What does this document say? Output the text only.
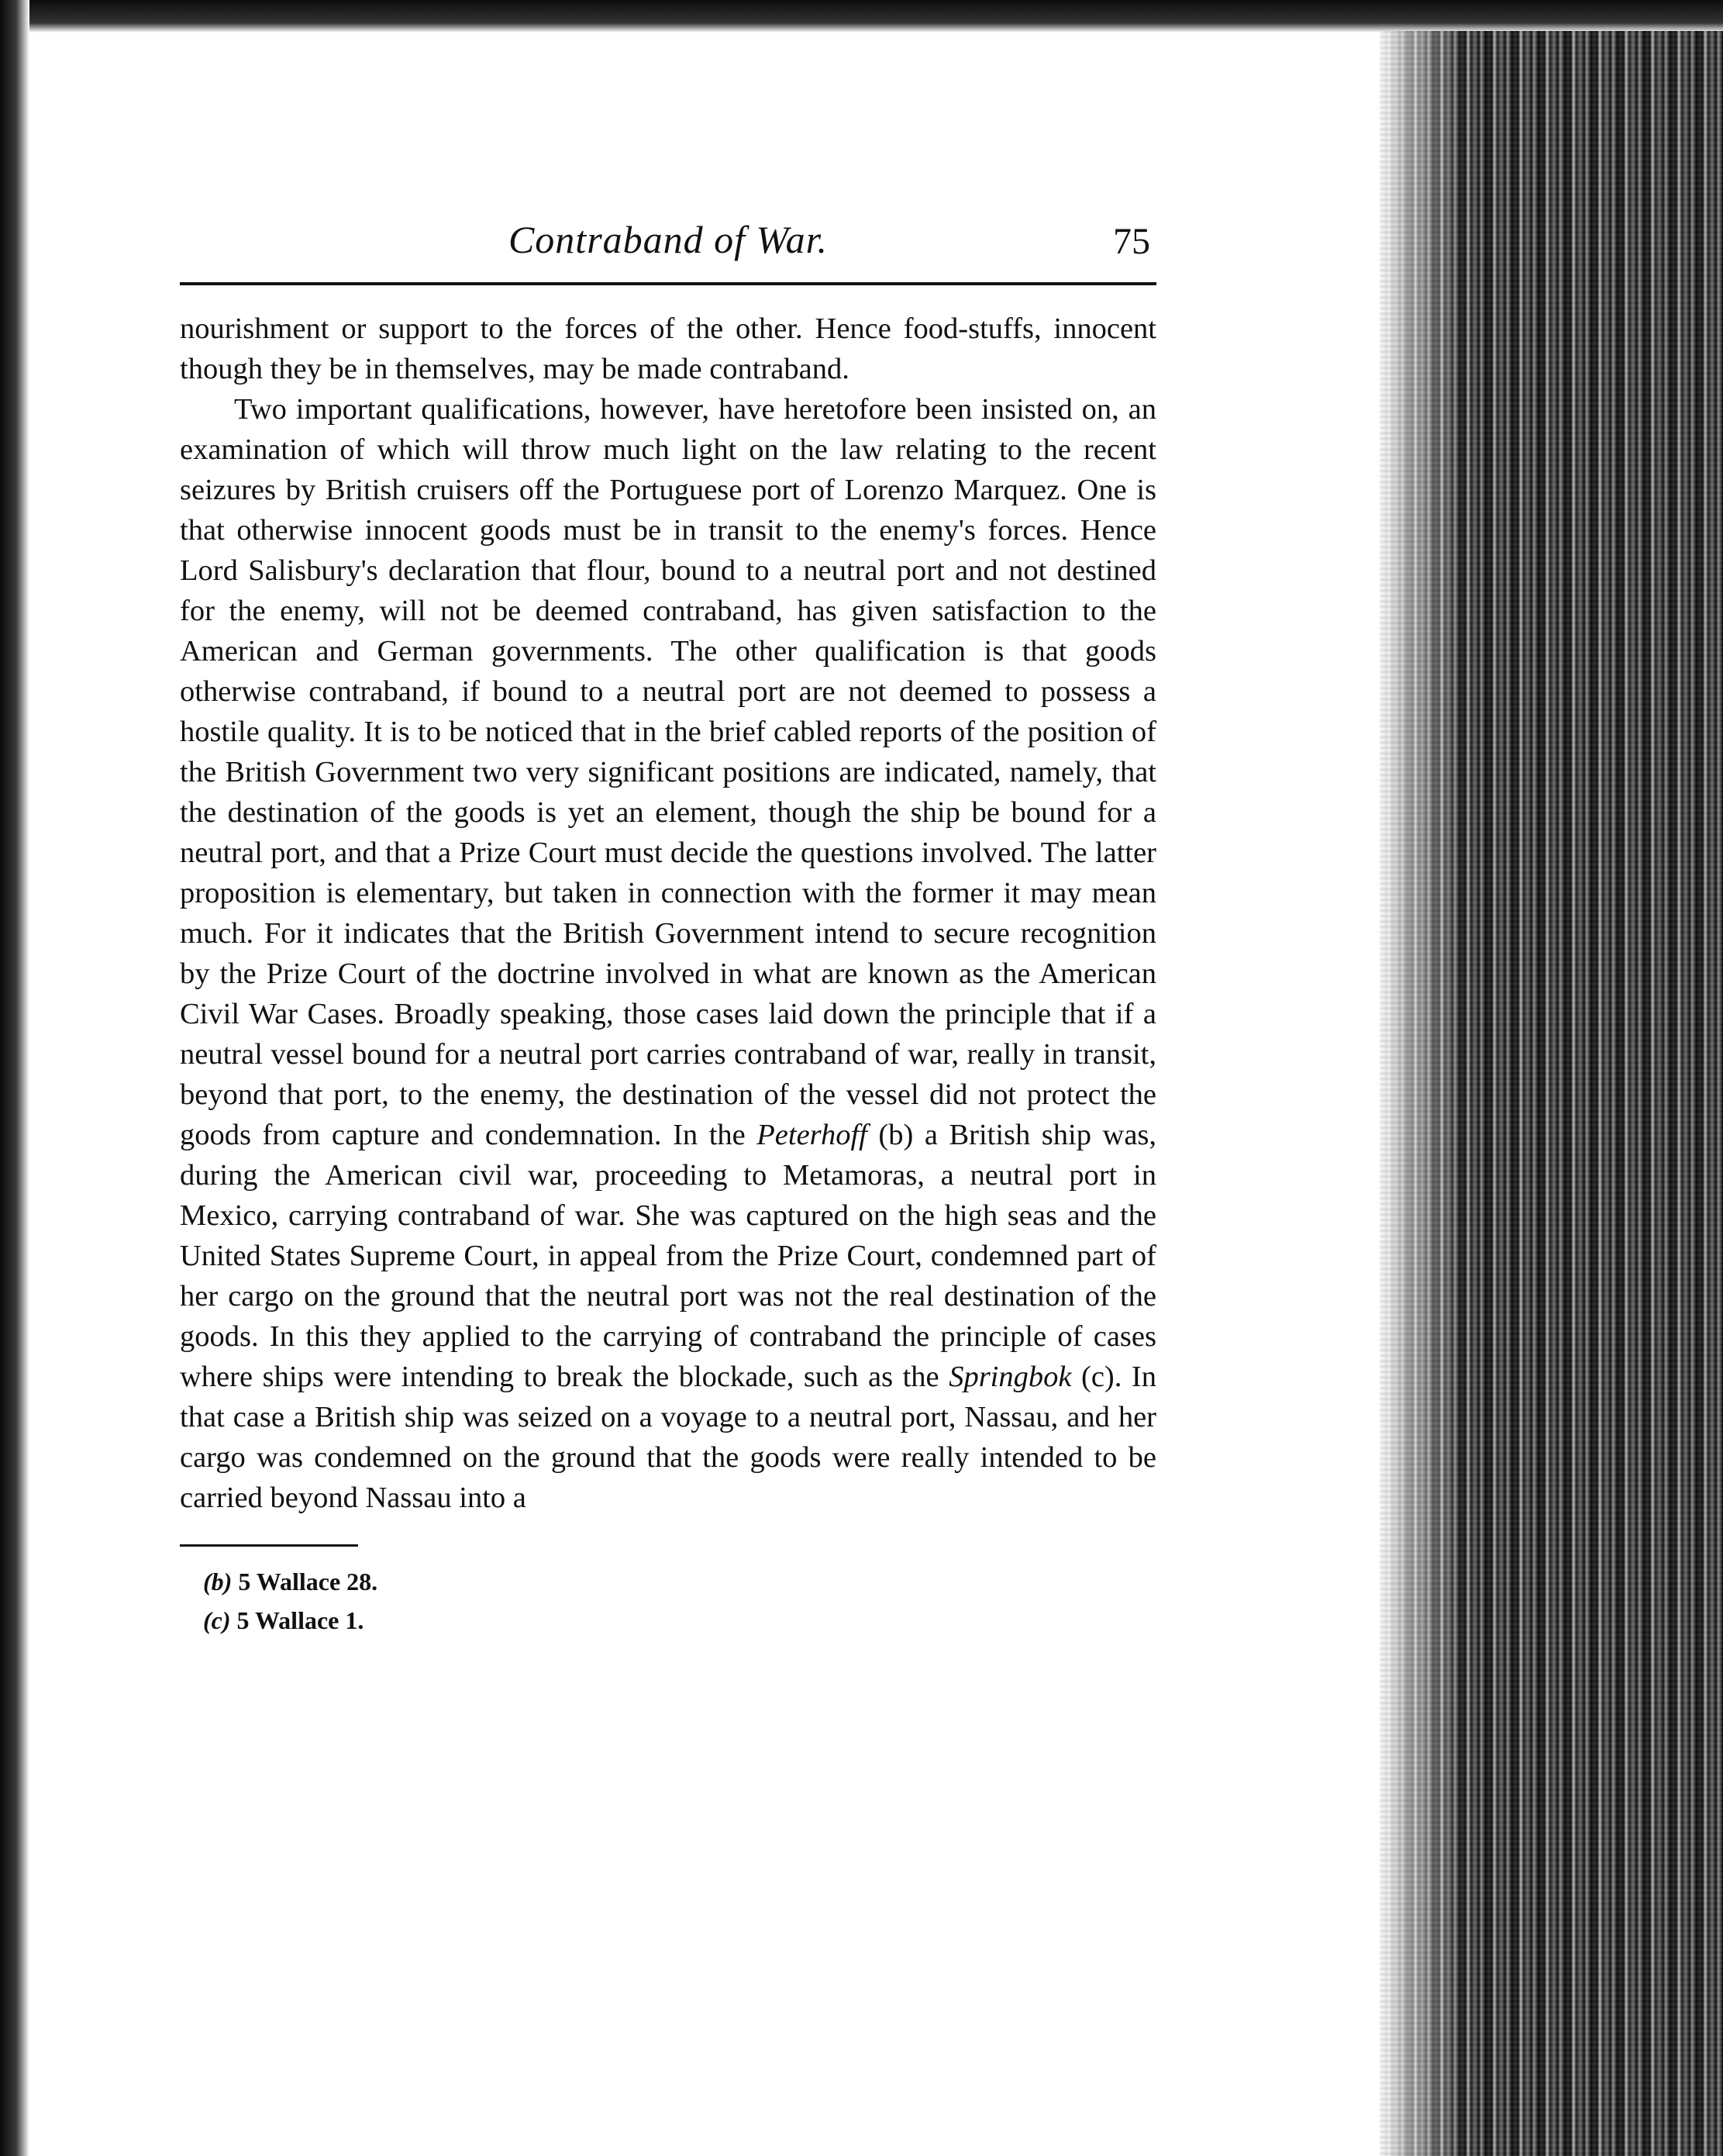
Contraband of War.	75

nourishment or support to the forces of the other. Hence food-stuffs, innocent though they be in themselves, may be made contraband.

Two important qualifications, however, have heretofore been insisted on, an examination of which will throw much light on the law relating to the recent seizures by British cruisers off the Portuguese port of Lorenzo Marquez. One is that otherwise innocent goods must be in transit to the enemy's forces. Hence Lord Salisbury's declaration that flour, bound to a neutral port and not destined for the enemy, will not be deemed contraband, has given satisfaction to the American and German governments. The other qualification is that goods otherwise contraband, if bound to a neutral port are not deemed to possess a hostile quality. It is to be noticed that in the brief cabled reports of the position of the British Government two very significant positions are indicated, namely, that the destination of the goods is yet an element, though the ship be bound for a neutral port, and that a Prize Court must decide the questions involved. The latter proposition is elementary, but taken in connection with the former it may mean much. For it indicates that the British Government intend to secure recognition by the Prize Court of the doctrine involved in what are known as the American Civil War Cases. Broadly speaking, those cases laid down the principle that if a neutral vessel bound for a neutral port carries contraband of war, really in transit, beyond that port, to the enemy, the destination of the vessel did not protect the goods from capture and condemnation. In the Peterhoff (b) a British ship was, during the American civil war, proceeding to Metamoras, a neutral port in Mexico, carrying contraband of war. She was captured on the high seas and the United States Supreme Court, in appeal from the Prize Court, condemned part of her cargo on the ground that the neutral port was not the real destination of the goods. In this they applied to the carrying of contraband the principle of cases where ships were intending to break the blockade, such as the Springbok (c). In that case a British ship was seized on a voyage to a neutral port, Nassau, and her cargo was condemned on the ground that the goods were really intended to be carried beyond Nassau into a

(b) 5 Wallace 28.
(c) 5 Wallace 1.
